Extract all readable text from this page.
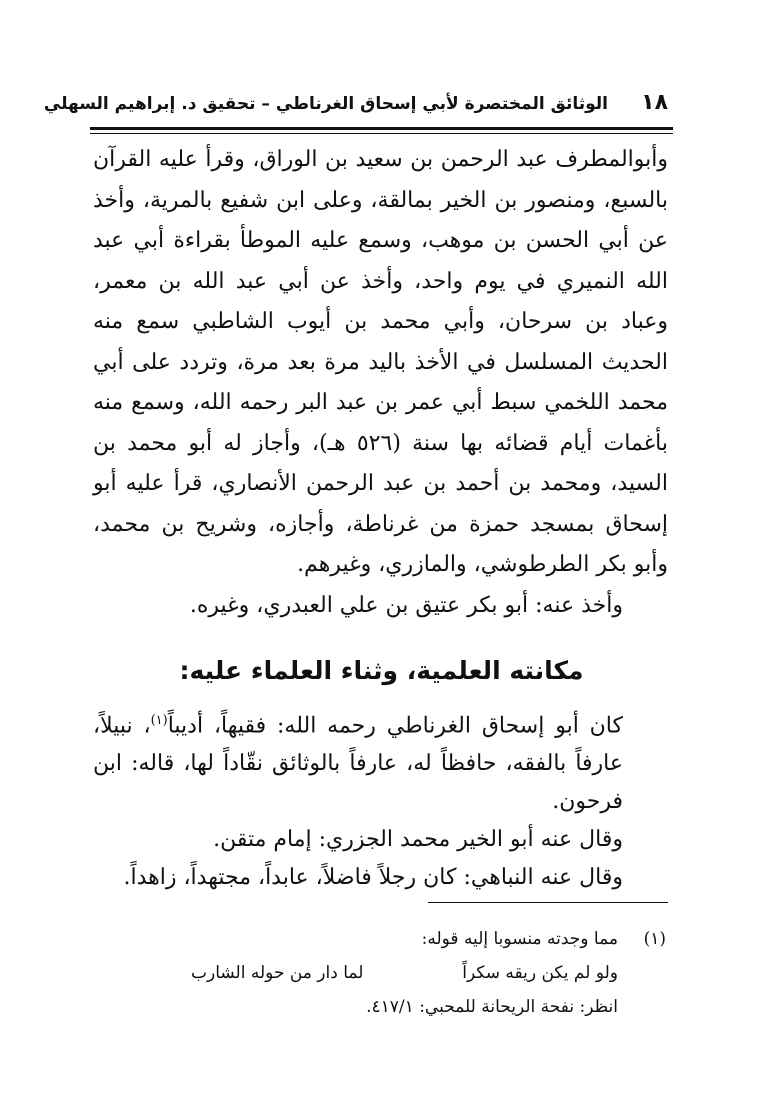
١٨
الوثائق المختصرة لأبي إسحاق الغرناطي – تحقيق د. إبراهيم السهلي

وأبوالمطرف عبد الرحمن بن سعيد بن الوراق، وقرأ عليه القرآن بالسبع، ومنصور بن الخير بمالقة، وعلى ابن شفيع بالمرية، وأخذ عن أبي الحسن بن موهب، وسمع عليه الموطأ بقراءة أبي عبد الله النميري في يوم واحد، وأخذ عن أبي عبد الله بن معمر، وعباد بن سرحان، وأبي محمد بن أيوب الشاطبي سمع منه الحديث المسلسل في الأخذ باليد مرة بعد مرة، وتردد على أبي محمد اللخمي سبط أبي عمر بن عبد البر رحمه الله، وسمع منه بأغمات أيام قضائه بها سنة (٥٢٦ هـ)، وأجاز له أبو محمد بن السيد، ومحمد بن أحمد بن عبد الرحمن الأنصاري، قرأ عليه أبو إسحاق بمسجد حمزة من غرناطة، وأجازه، وشريح بن محمد، وأبو بكر الطرطوشي، والمازري، وغيرهم.

وأخذ عنه: أبو بكر عتيق بن علي العبدري، وغيره.

مكانته العلمية، وثناء العلماء عليه:

كان أبو إسحاق الغرناطي رحمه الله: فقيهاً، أديباً$^{(١)}$، نبيلاً، عارفاً بالفقه، حافظاً له، عارفاً بالوثائق نقّاداً لها، قاله: ابن فرحون.

وقال عنه أبو الخير محمد الجزري: إمام متقن.

وقال عنه النباهي: كان رجلاً فاضلاً، عابداً، مجتهداً، زاهداً.

(١)
مما وجدته منسوبا إليه قوله:
ولو لم يكن ريقه سكراً
لما دار من حوله الشارب
انظر: نفحة الريحانة للمحبي: ٤١٧/١.
